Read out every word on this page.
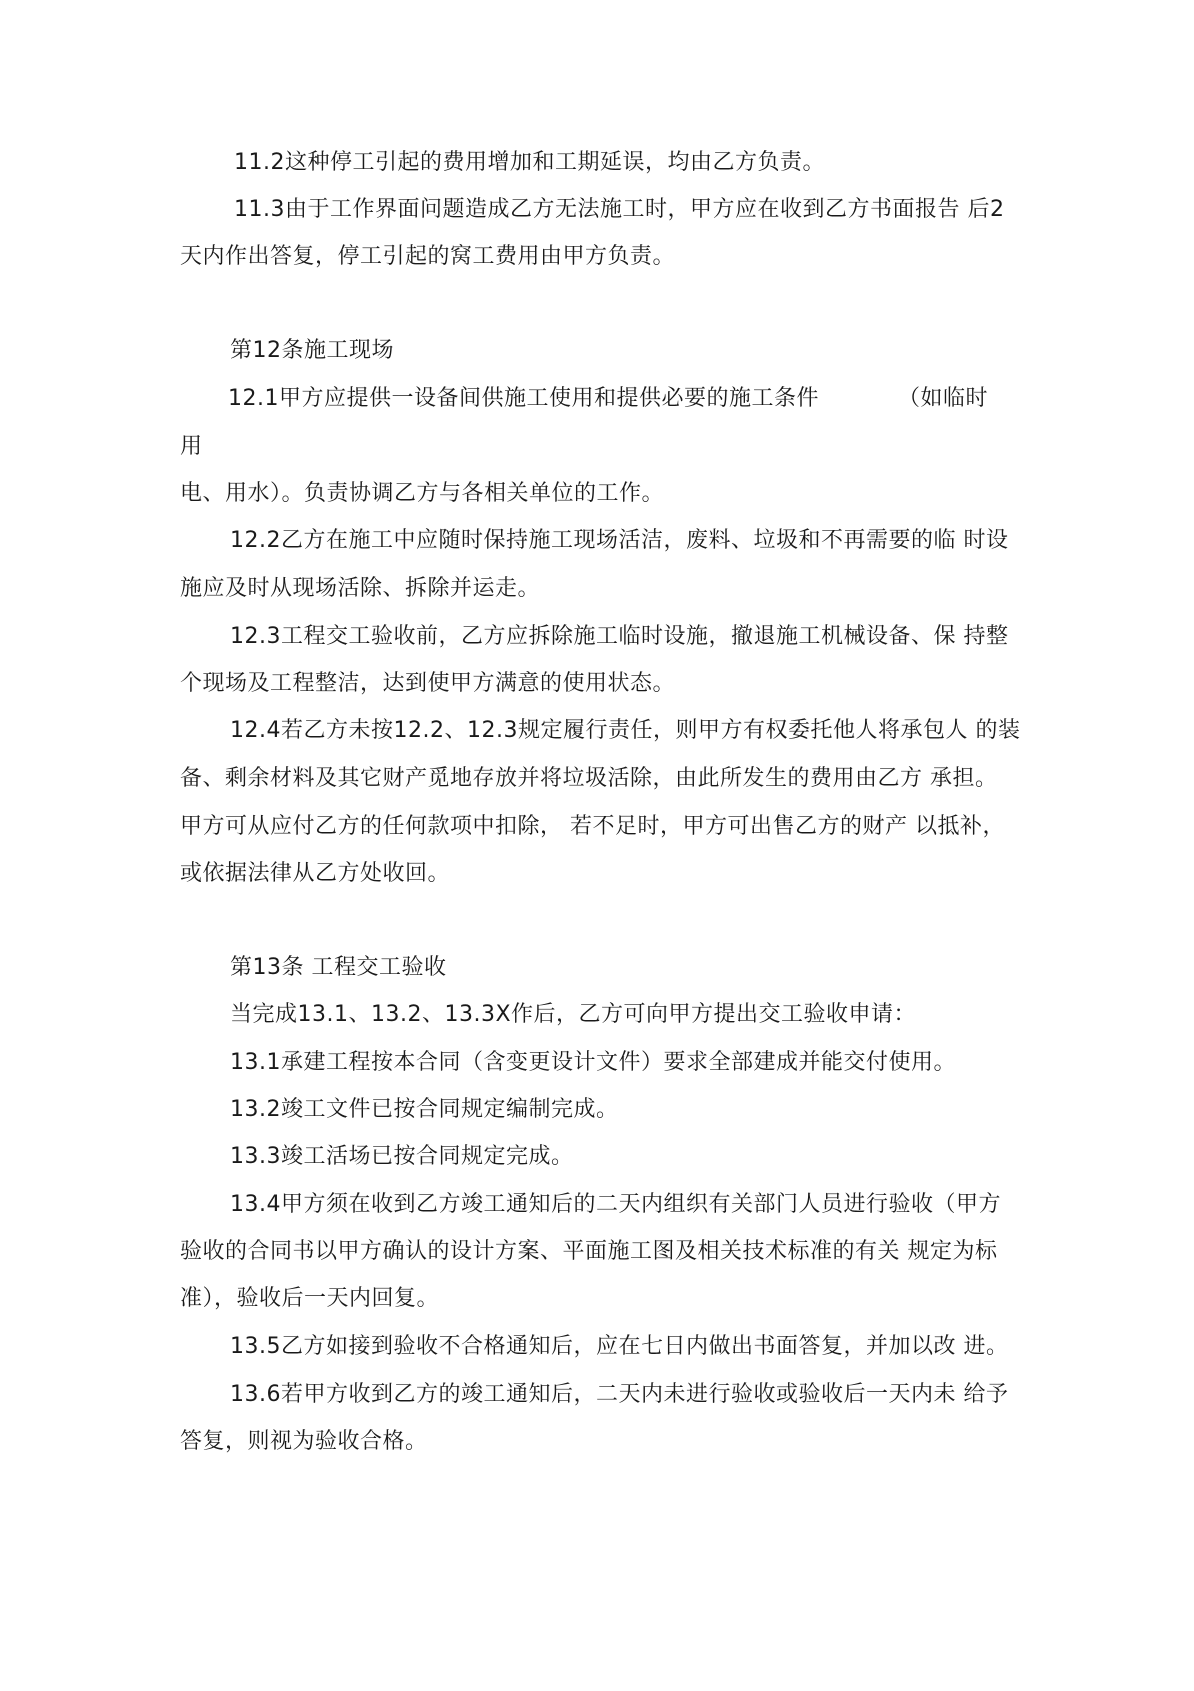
11.2这种停工引起的费用增加和工期延误，均由乙方负责。
11.3由于工作界面问题造成乙方无法施工时，甲方应在收到乙方书面报告 后2
天内作出答复，停工引起的窝工费用由甲方负责。
第12条施工现场
12.1甲方应提供一设备间供施工使用和提供必要的施工条件	（如临时
用
电、用水）。负责协调乙方与各相关单位的工作。
12.2乙方在施工中应随时保持施工现场活洁，废料、垃圾和不再需要的临 时设
施应及时从现场活除、拆除并运走。
12.3工程交工验收前，乙方应拆除施工临时设施，撤退施工机械设备、保 持整
个现场及工程整洁，达到使甲方满意的使用状态。
12.4若乙方未按12.2、12.3规定履行责任，则甲方有权委托他人将承包人 的装
备、剩余材料及其它财产觅地存放并将垃圾活除，由此所发生的费用由乙方 承担。
甲方可从应付乙方的任何款项中扣除， 若不足时，甲方可出售乙方的财产 以抵补，
或依据法律从乙方处收回。
第13条 工程交工验收
当完成13.1、13.2、13.3X作后，乙方可向甲方提出交工验收申请：
13.1承建工程按本合同（含变更设计文件）要求全部建成并能交付使用。
13.2竣工文件已按合同规定编制完成。
13.3竣工活场已按合同规定完成。
13.4甲方须在收到乙方竣工通知后的二天内组织有关部门人员进行验收（甲方
验收的合同书以甲方确认的设计方案、平面施工图及相关技术标准的有关 规定为标
准），验收后一天内回复。
13.5乙方如接到验收不合格通知后，应在七日内做出书面答复，并加以改 进。
13.6若甲方收到乙方的竣工通知后，二天内未进行验收或验收后一天内未 给予
答复，则视为验收合格。
